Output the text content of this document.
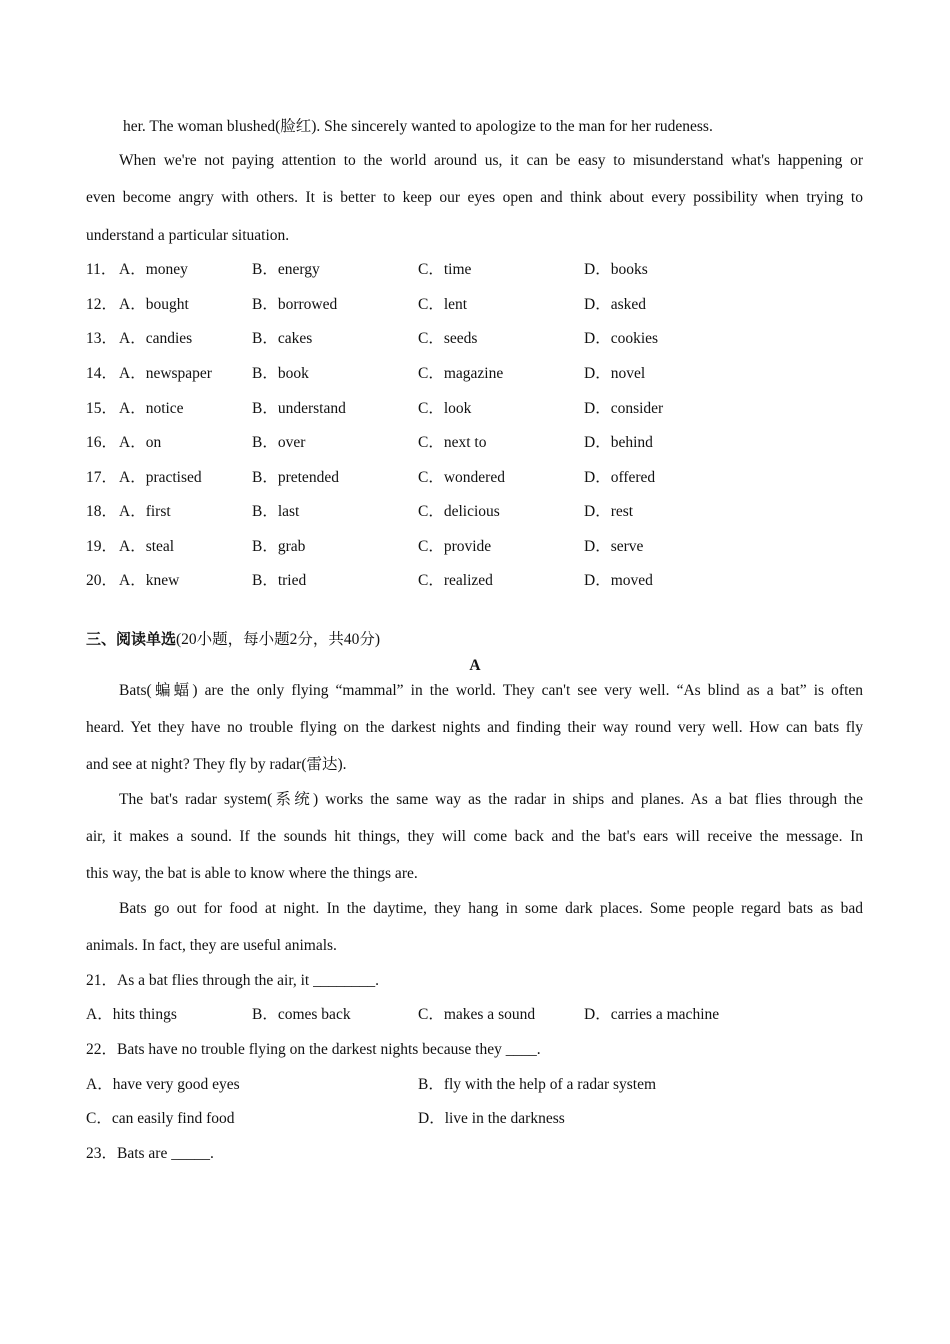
her. The woman blushed(脸红). She sincerely wanted to apologize to the man for her rudeness.
When we're not paying attention to the world around us, it can be easy to misunderstand what's happening or
even become angry with others. It is better to keep our eyes open and think about every possibility when trying to
understand a particular situation.
11． A．money	B．energy	C．time	D．books
12． A．bought	B．borrowed	C．lent	D．asked
13． A．candies	B．cakes	C．seeds	D．cookies
14． A．newspaper	B．book	C．magazine	D．novel
15． A．notice	B．understand	C．look	D．consider
16． A．on	B．over	C．next to	D．behind
17． A．practised	B．pretended	C．wondered	D．offered
18． A．first	B．last	C．delicious	D．rest
19． A．steal	B．grab	C．provide	D．serve
20． A．knew	B．tried	C．realized	D．moved
三、阅读单选(20小题，每小题2分，共40分)
A
Bats(蝙蝠) are the only flying “mammal” in the world. They can't see very well. “As blind as a bat” is often
heard. Yet they have no trouble flying on the darkest nights and finding their way round very well. How can bats fly
and see at night? They fly by radar(雷达).
The bat's radar system(系统) works the same way as the radar in ships and planes. As a bat flies through the
air, it makes a sound. If the sounds hit things, they will come back and the bat's ears will receive the message. In
this way, the bat is able to know where the things are.
Bats go out for food at night. In the daytime, they hang in some dark places. Some people regard bats as bad
animals. In fact, they are useful animals.
21．As a bat flies through the air, it ________.
A．hits things	B．comes back	C．makes a sound	D．carries a machine
22．Bats have no trouble flying on the darkest nights because they ____.
A．have very good eyes	B．fly with the help of a radar system
C．can easily find food	D．live in the darkness
23．Bats are _____.
